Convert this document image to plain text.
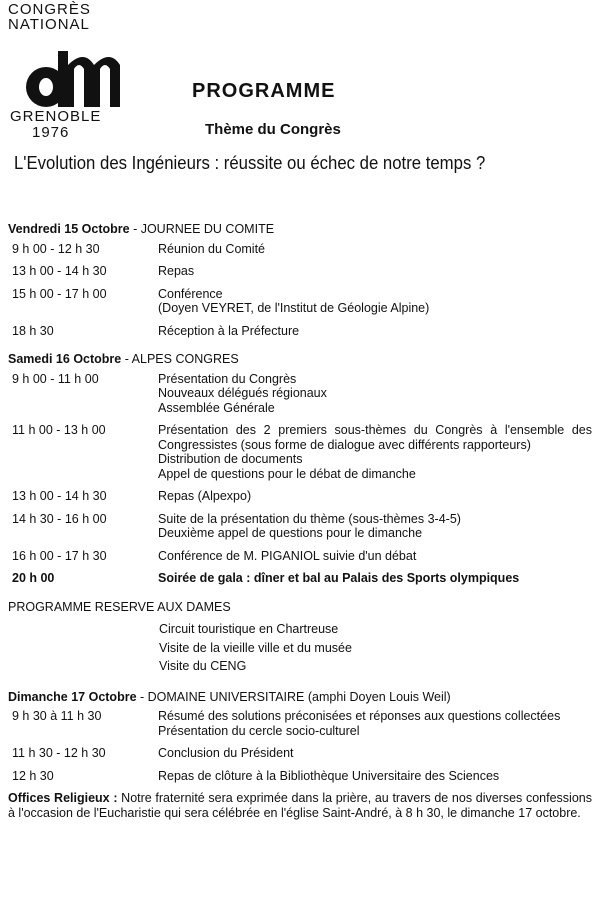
CONGRÈS
NATIONAL
GRENOBLE
1976
PROGRAMME
Thème du Congrès
L'Evolution des Ingénieurs : réussite ou échec de notre temps ?
Vendredi 15 Octobre - JOURNEE DU COMITE
9 h 00 - 12 h 30	Réunion du Comité
13 h 00 - 14 h 30	Repas
15 h 00 - 17 h 00	Conférence
(Doyen VEYRET, de l'Institut de Géologie Alpine)
18 h 30	Réception à la Préfecture
Samedi 16 Octobre - ALPES CONGRES
9 h 00 - 11 h 00	Présentation du Congrès
Nouveaux délégués régionaux
Assemblée Générale
11 h 00 - 13 h 00	Présentation des 2 premiers sous-thèmes du Congrès à l'ensemble des Congressistes (sous forme de dialogue avec différents rapporteurs)
Distribution de documents
Appel de questions pour le débat de dimanche
13 h 00 - 14 h 30	Repas (Alpexpo)
14 h 30 - 16 h 00	Suite de la présentation du thème (sous-thèmes 3-4-5)
Deuxième appel de questions pour le dimanche
16 h 00 - 17 h 30	Conférence de M. PIGANIOL suivie d'un débat
20 h 00	Soirée de gala : dîner et bal au Palais des Sports olympiques
PROGRAMME RESERVE AUX DAMES
Circuit touristique en Chartreuse
Visite de la vieille ville et du musée
Visite du CENG
Dimanche 17 Octobre - DOMAINE UNIVERSITAIRE (amphi Doyen Louis Weil)
9 h 30 à 11 h 30	Résumé des solutions préconisées et réponses aux questions collectées
Présentation du cercle socio-culturel
11 h 30 - 12 h 30	Conclusion du Président
12 h 30	Repas de clôture à la Bibliothèque Universitaire des Sciences
Offices Religieux : Notre fraternité sera exprimée dans la prière, au travers de nos diverses confessions à l'occasion de l'Eucharistie qui sera célébrée en l'église Saint-André, à 8 h 30, le dimanche 17 octobre.
